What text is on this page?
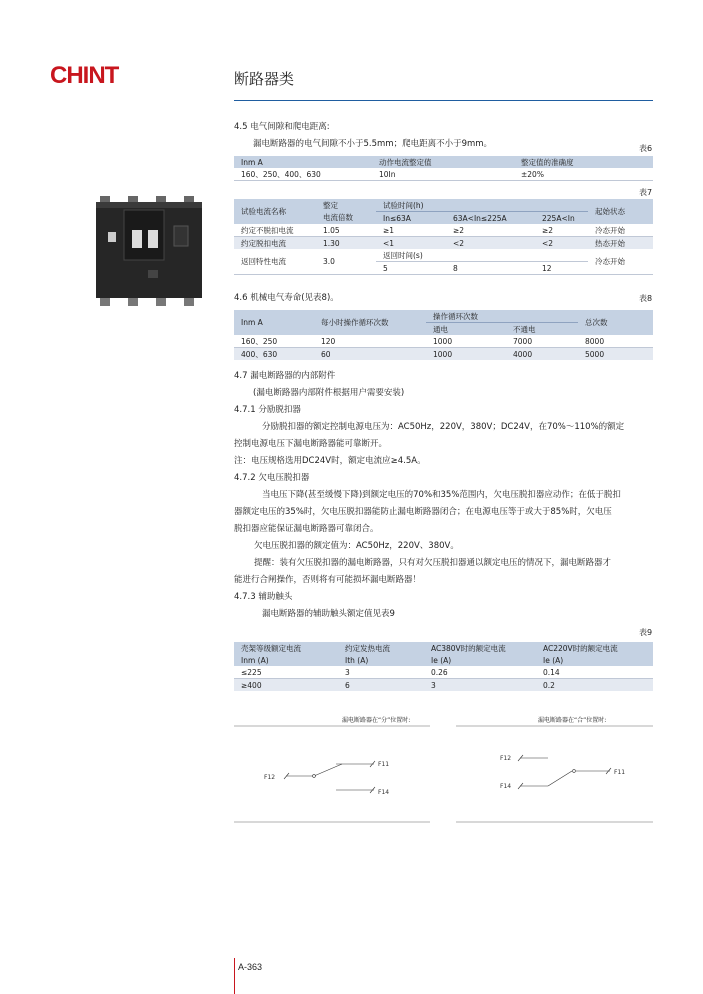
CHINT	断路器类
4.5 电气间隙和爬电距离:
漏电断路器的电气间隙不小于5.5mm；爬电距离不小于9mm。	表6
Inm A	动作电流整定值	整定值的准确度
160、250、400、630	10In	±20%
表7
试验电流名称	整定	试验时间(h)			起始状态
	电流倍数	In≤63A	63A<In≤225A	225A<In	
约定不脱扣电流	1.05	≥1	≥2	≥2	冷态开始
约定脱扣电流	1.30	<1	<2	<2	热态开始
返回特性电流	3.0	返回时间(s)			冷态开始
		5	8	12	
4.6 机械电气寿命(见表8)。	表8
Inm A	每小时操作循环次数	操作循环次数		总次数
		通电	不通电	
160、250	120	1000	7000	8000
400、630	60	1000	4000	5000
4.7 漏电断路器的内部附件
(漏电断路器内部附件根据用户需要安装)
4.7.1 分励脱扣器
分励脱扣器的额定控制电源电压为：AC50Hz，220V，380V；DC24V，在70%～110%的额定
控制电源电压下漏电断路器能可靠断开。
注：电压规格选用DC24V时，额定电流应≥4.5A。
4.7.2 欠电压脱扣器
当电压下降(甚至缓慢下降)到额定电压的70%和35%范围内，欠电压脱扣器应动作；在低于脱扣
器额定电压的35%时，欠电压脱扣器能防止漏电断路器闭合；在电源电压等于或大于85%时，欠电压
脱扣器应能保证漏电断路器可靠闭合。
欠电压脱扣器的额定值为：AC50Hz，220V、380V。
提醒：装有欠压脱扣器的漏电断路器，只有对欠压脱扣器通以额定电压的情况下，漏电断路器才
能进行合闸操作，否则将有可能损坏漏电断路器！
4.7.3 辅助触头
漏电断路器的辅助触头额定值见表9
表9
壳架等级额定电流	约定发热电流	AC380V时的额定电流	AC220V时的额定电流
Inm (A)	Ith (A)	Ie (A)	Ie (A)
≤225	3	0.26	0.14
≥400	6	3	0.2
漏电断路器在“分”位置时:	漏电断路器在“合”位置时:
F12
F11
F14
F12
F14
F11
A-363
